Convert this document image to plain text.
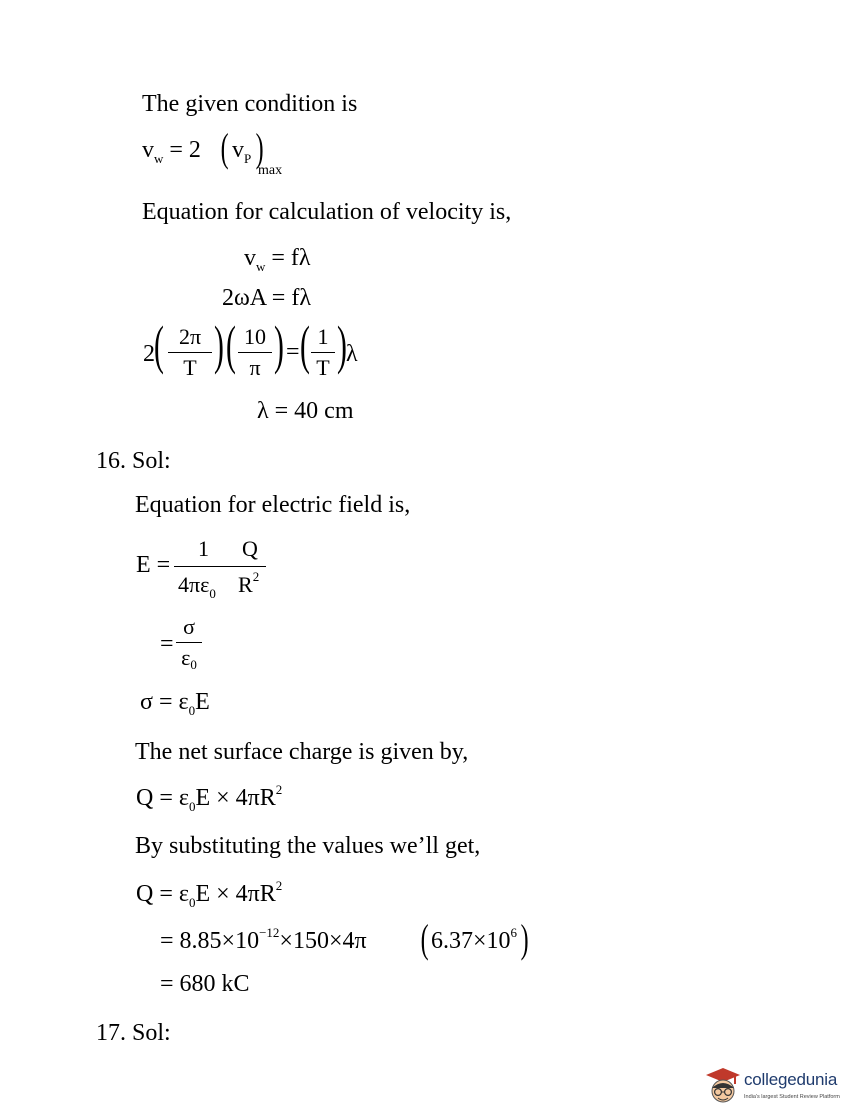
The given condition is
$v_w = 2$ ( $v_P$ )
max
Equation for calculation of velocity is,
$v_w = f\lambda$
2ωA = fλ
2 ( $\frac{2\pi}{T}$ ) ( $\frac{10}{\pi}$ ) = ( $\frac{1}{T}$ ) λ
λ = 40 cm
16. Sol:
Equation for electric field is,
E =
1 Q
$4\pi\varepsilon_0$ $R^2$
= $\frac{\sigma}{\varepsilon 0}$
$\sigma = \varepsilon_0E$
The net surface charge is given by,
$Q = \varepsilon_0E \times 4\pi R^2$
By substituting the values we’ll get,
$Q = \varepsilon_0E \times 4\pi R^2$
= $8.85\times 10^{-12}\times 150\times 4\pi$ ( $6.37\times 10^6$ )
= 680 kC
17. Sol:
collegedunia
India's largest Student Review Platform
